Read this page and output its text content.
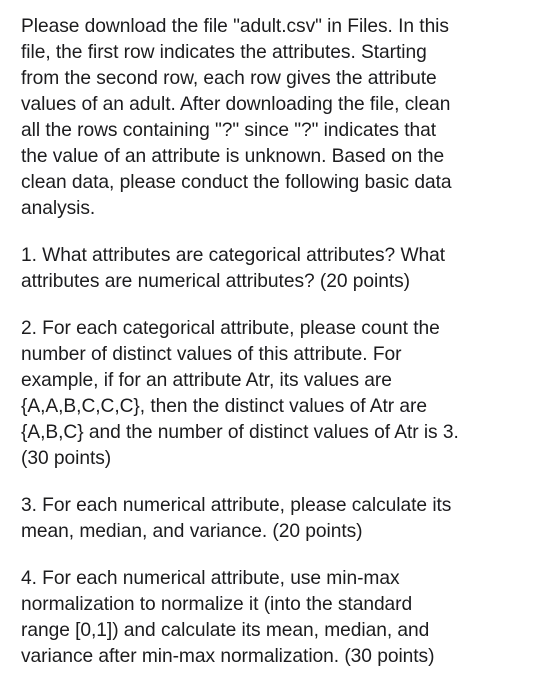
Please download the file "adult.csv" in Files. In this
file, the first row indicates the attributes. Starting
from the second row, each row gives the attribute
values of an adult. After downloading the file, clean
all the rows containing "?" since "?" indicates that
the value of an attribute is unknown. Based on the
clean data, please conduct the following basic data
analysis.

1. What attributes are categorical attributes? What
attributes are numerical attributes? (20 points)

2. For each categorical attribute, please count the
number of distinct values of this attribute. For
example, if for an attribute Atr, its values are
{A,A,B,C,C,C}, then the distinct values of Atr are
{A,B,C} and the number of distinct values of Atr is 3.
(30 points)

3. For each numerical attribute, please calculate its
mean, median, and variance. (20 points)

4. For each numerical attribute, use min-max
normalization to normalize it (into the standard
range [0,1]) and calculate its mean, median, and
variance after min-max normalization. (30 points)
